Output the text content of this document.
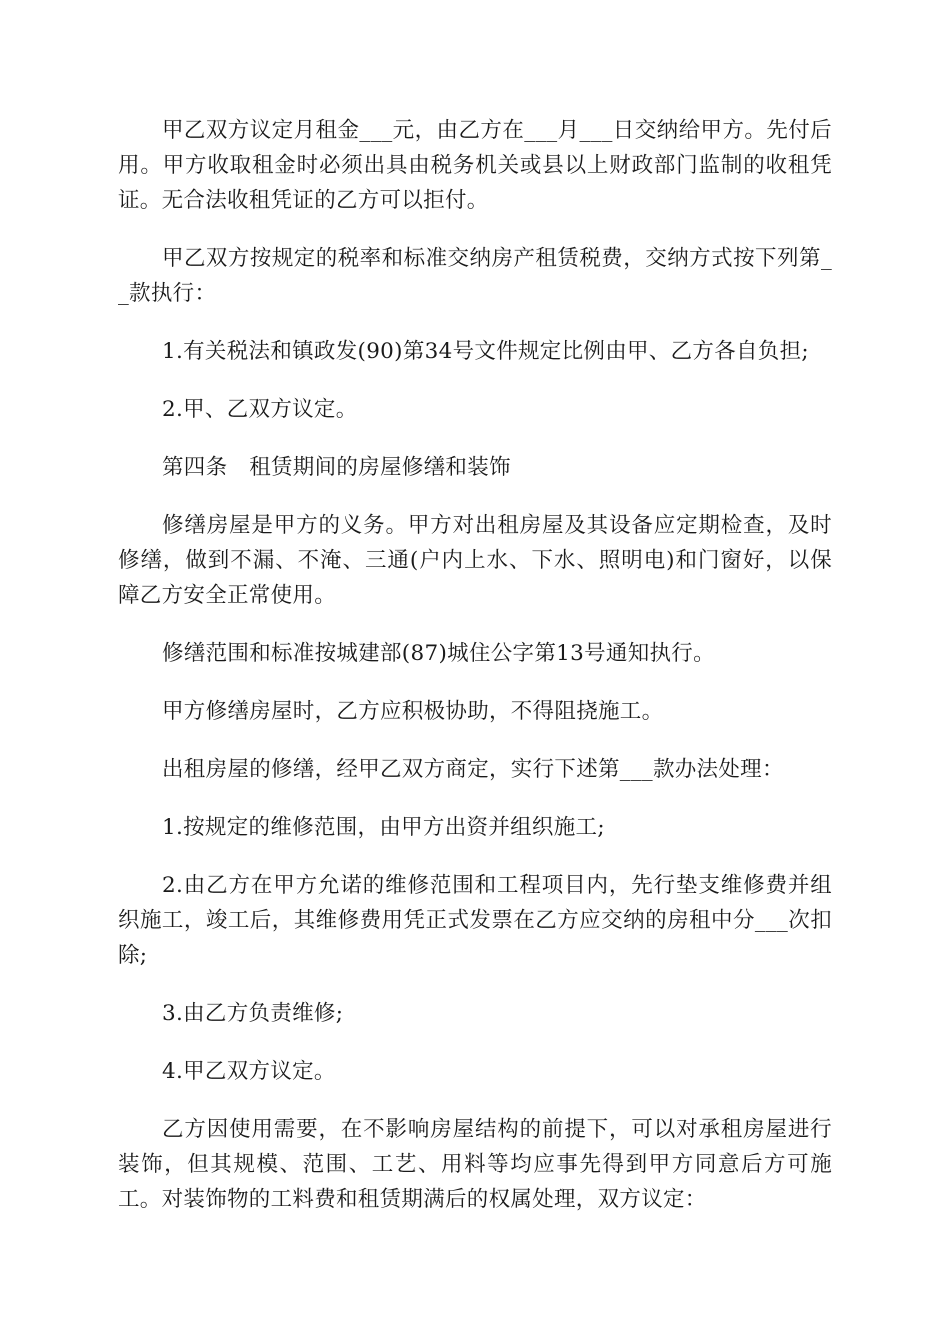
甲乙双方议定月租金___元，由乙方在___月___日交纳给甲方。先付后用。甲方收取租金时必须出具由税务机关或县以上财政部门监制的收租凭证。无合法收租凭证的乙方可以拒付。

甲乙双方按规定的税率和标准交纳房产租赁税费，交纳方式按下列第__款执行：

1.有关税法和镇政发(90)第34号文件规定比例由甲、乙方各自负担;

2.甲、乙双方议定。

第四条　租赁期间的房屋修缮和装饰

修缮房屋是甲方的义务。甲方对出租房屋及其设备应定期检查，及时修缮，做到不漏、不淹、三通(户内上水、下水、照明电)和门窗好，以保障乙方安全正常使用。

修缮范围和标准按城建部(87)城住公字第13号通知执行。

甲方修缮房屋时，乙方应积极协助，不得阻挠施工。

出租房屋的修缮，经甲乙双方商定，实行下述第___款办法处理：

1.按规定的维修范围，由甲方出资并组织施工;

2.由乙方在甲方允诺的维修范围和工程项目内，先行垫支维修费并组织施工，竣工后，其维修费用凭正式发票在乙方应交纳的房租中分___次扣除;

3.由乙方负责维修;

4.甲乙双方议定。

乙方因使用需要，在不影响房屋结构的前提下，可以对承租房屋进行装饰，但其规模、范围、工艺、用料等均应事先得到甲方同意后方可施工。对装饰物的工料费和租赁期满后的权属处理，双方议定：
